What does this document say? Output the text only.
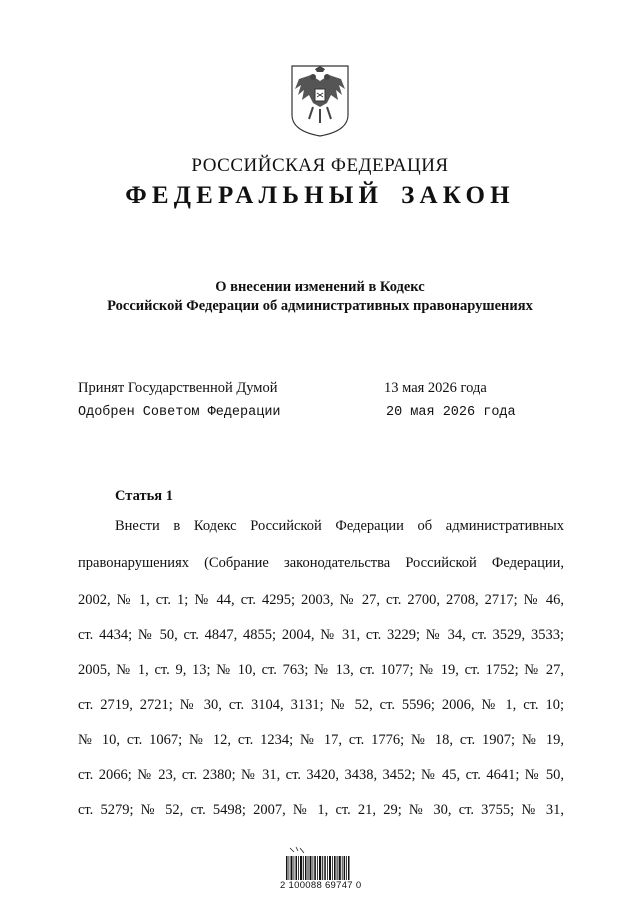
РОССИЙСКАЯ ФЕДЕРАЦИЯ
ФЕДЕРАЛЬНЫЙ ЗАКОН
О внесении изменений в Кодекс
Российской Федерации об административных правонарушениях
Принят Государственной Думой	13 мая 2026 года
Одобрен Советом Федерации	20 мая 2026 года
Статья 1
Внести в Кодекс Российской Федерации об административных
правонарушениях (Собрание законодательства Российской Федерации,
2002, № 1, ст. 1; № 44, ст. 4295; 2003, № 27, ст. 2700, 2708, 2717; № 46,
ст. 4434; № 50, ст. 4847, 4855; 2004, № 31, ст. 3229; № 34, ст. 3529, 3533;
2005, № 1, ст. 9, 13; № 10, ст. 763; № 13, ст. 1077; № 19, ст. 1752; № 27,
ст. 2719, 2721; № 30, ст. 3104, 3131; № 52, ст. 5596; 2006, № 1, ст. 10;
№ 10, ст. 1067; № 12, ст. 1234; № 17, ст. 1776; № 18, ст. 1907; № 19,
ст. 2066; № 23, ст. 2380; № 31, ст. 3420, 3438, 3452; № 45, ст. 4641; № 50,
ст. 5279; № 52, ст. 5498; 2007, № 1, ст. 21, 29; № 30, ст. 3755; № 31,
2 100088 69747 0
